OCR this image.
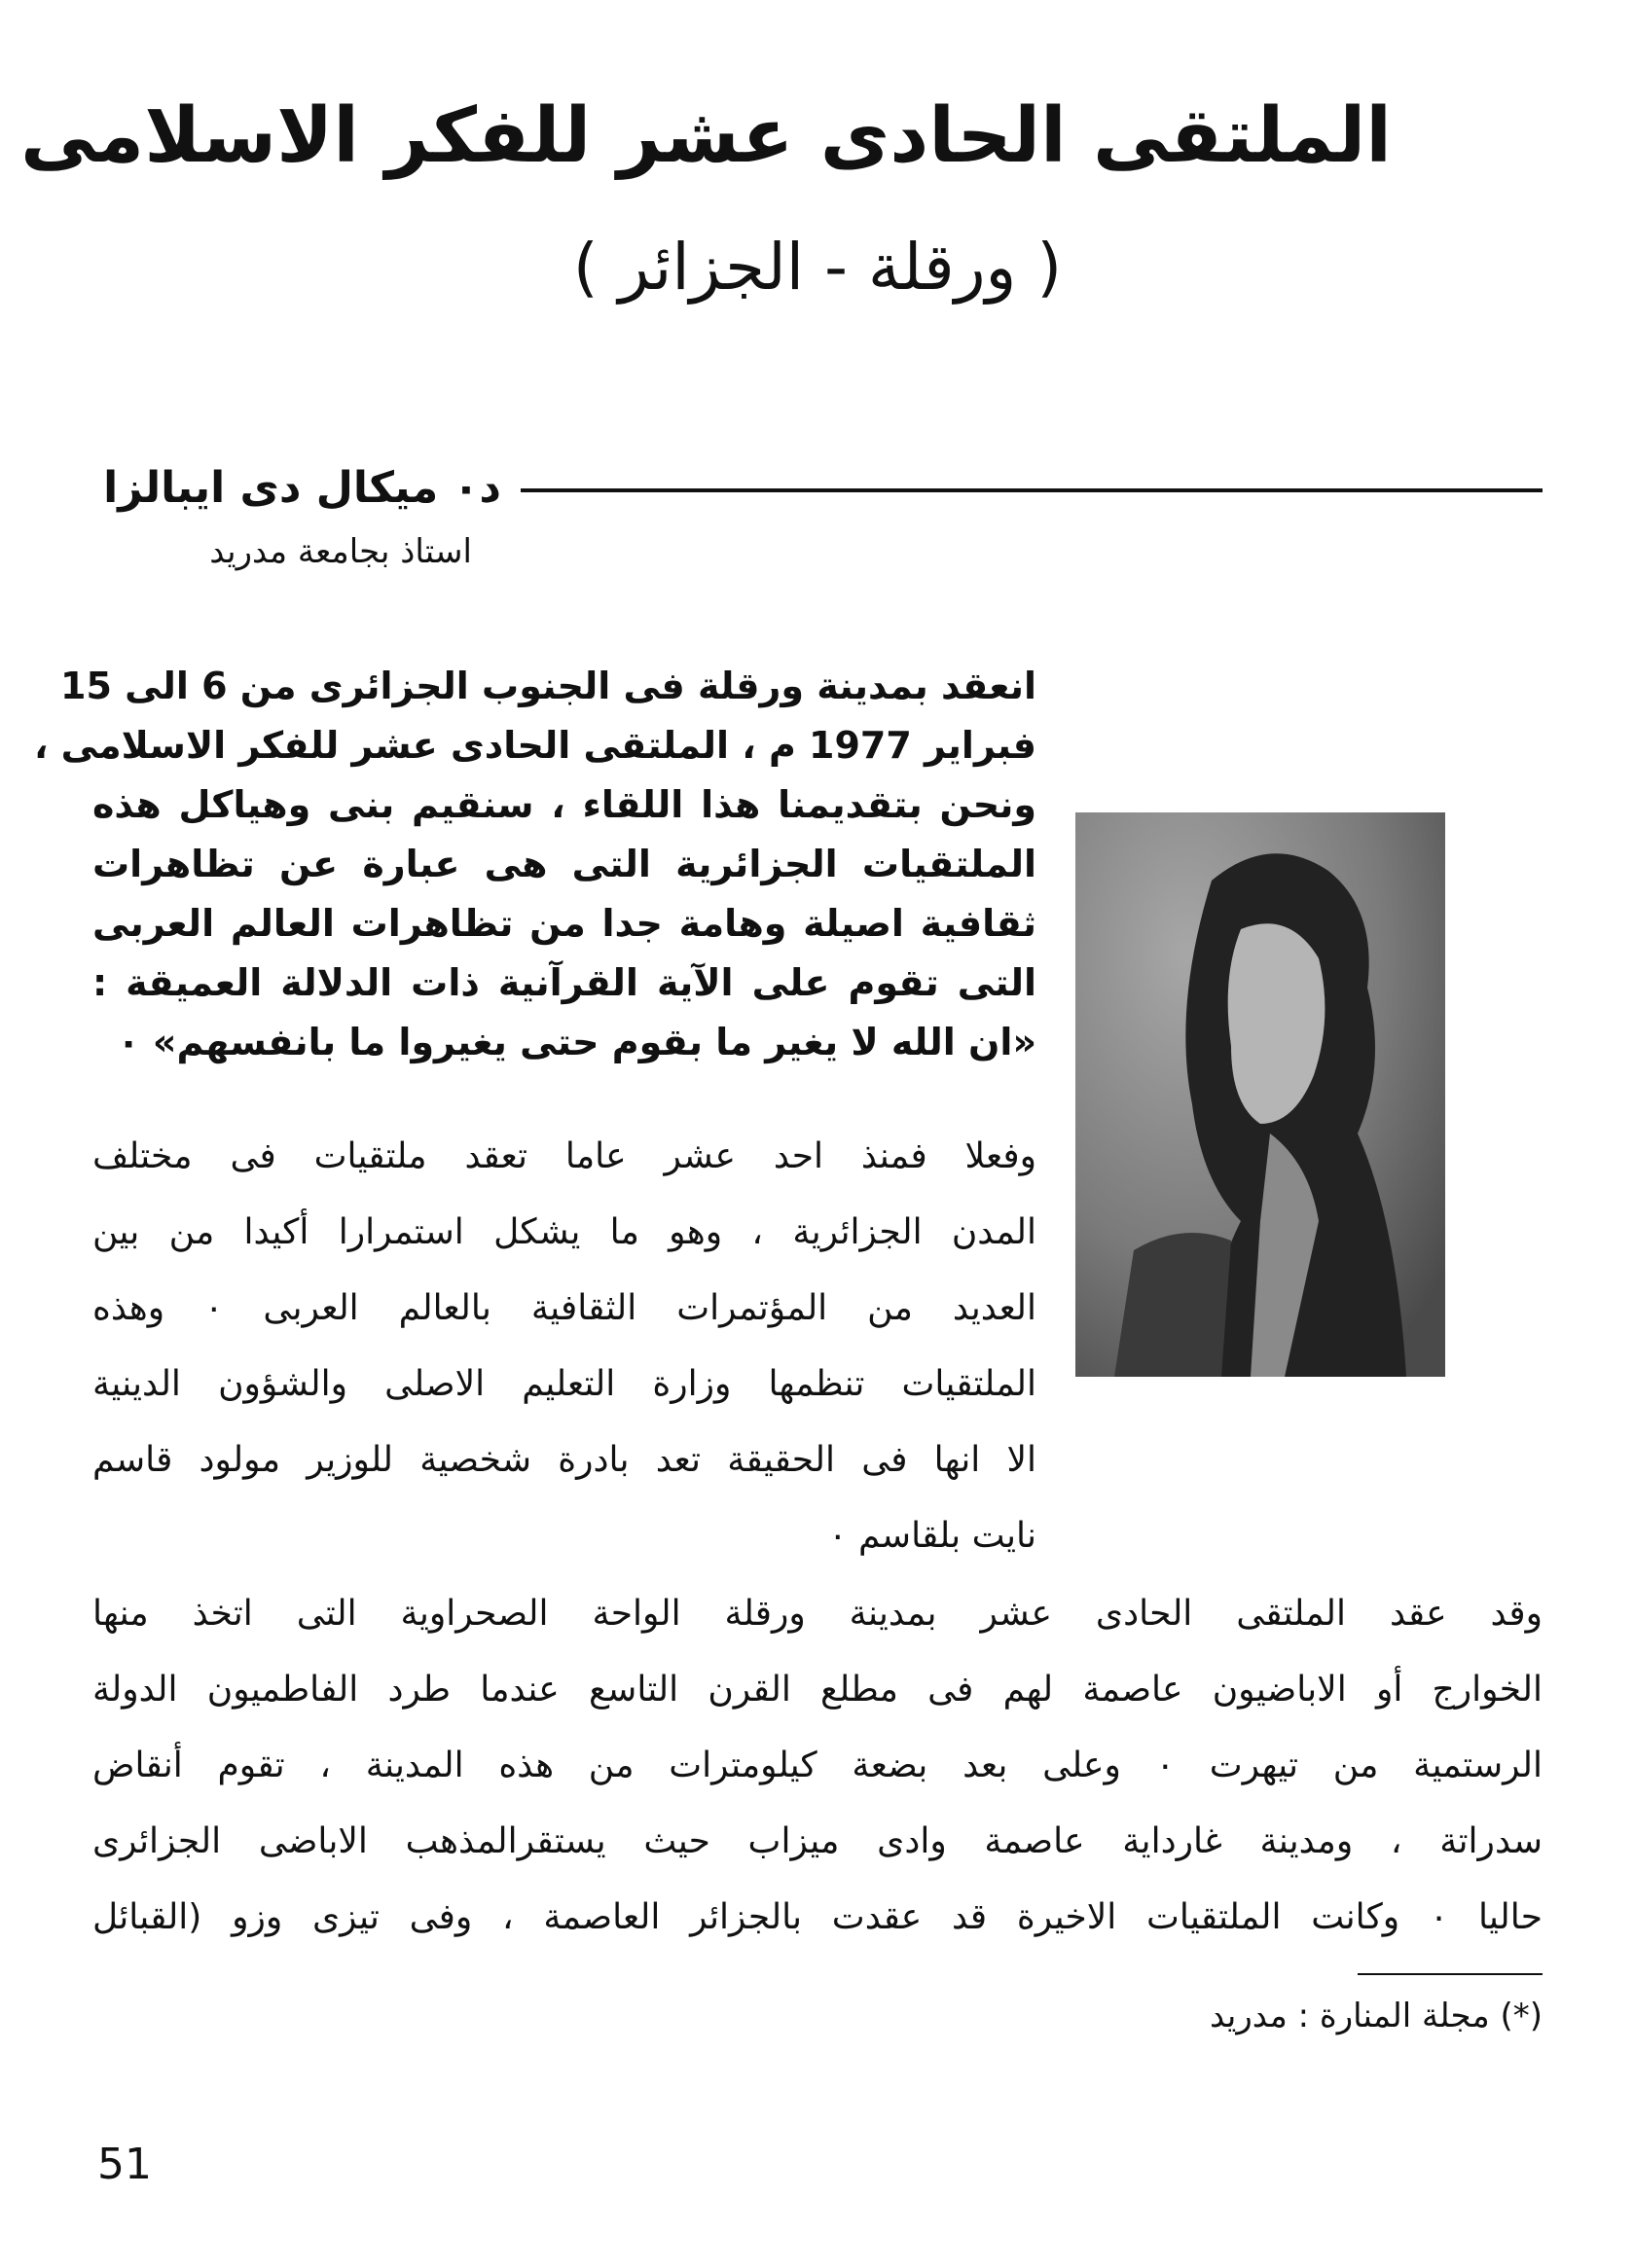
الملتقى الحادى عشر للفكر الاسلامى
( ورقلة - الجزائر )
د٠ ميكال دى ايبالزا
استاذ بجامعة مدريد
انعقد بمدينة ورقلة فى الجنوب الجزائرى من 6 الى 15
فبراير 1977 م ، الملتقى الحادى عشر للفكر الاسلامى ،
ونحن بتقديمنا هذا اللقاء ، سنقيم بنى وهياكل هذه
الملتقيات الجزائرية التى هى عبارة عن تظاهرات
ثقافية اصيلة وهامة جدا من تظاهرات العالم العربى
التى تقوم على الآية القرآنية ذات الدلالة العميقة :
«ان الله لا يغير ما بقوم حتى يغيروا ما بانفسهم» ٠
وفعلا فمنذ احد عشر عاما تعقد ملتقيات فى مختلف
المدن الجزائرية ، وهو ما يشكل استمرارا أكيدا من بين
العديد من المؤتمرات الثقافية بالعالم العربى ٠ وهذه
الملتقيات تنظمها وزارة التعليم الاصلى والشؤون الدينية
الا انها فى الحقيقة تعد بادرة شخصية للوزير مولود قاسم
نايت بلقاسم ٠
وقد عقد الملتقى الحادى عشر بمدينة ورقلة الواحة الصحراوية التى اتخذ منها
الخوارج أو الاباضيون عاصمة لهم فى مطلع القرن التاسع عندما طرد الفاطميون الدولة
الرستمية من تيهرت ٠ وعلى بعد بضعة كيلومترات من هذه المدينة ، تقوم أنقاض
سدراتة ، ومدينة غارداية عاصمة وادى ميزاب حيث يستقرالمذهب الاباضى الجزائرى
حاليا ٠ وكانت الملتقيات الاخيرة قد عقدت بالجزائر العاصمة ، وفى تيزى وزو (القبائل
(*) مجلة المنارة : مدريد
51
